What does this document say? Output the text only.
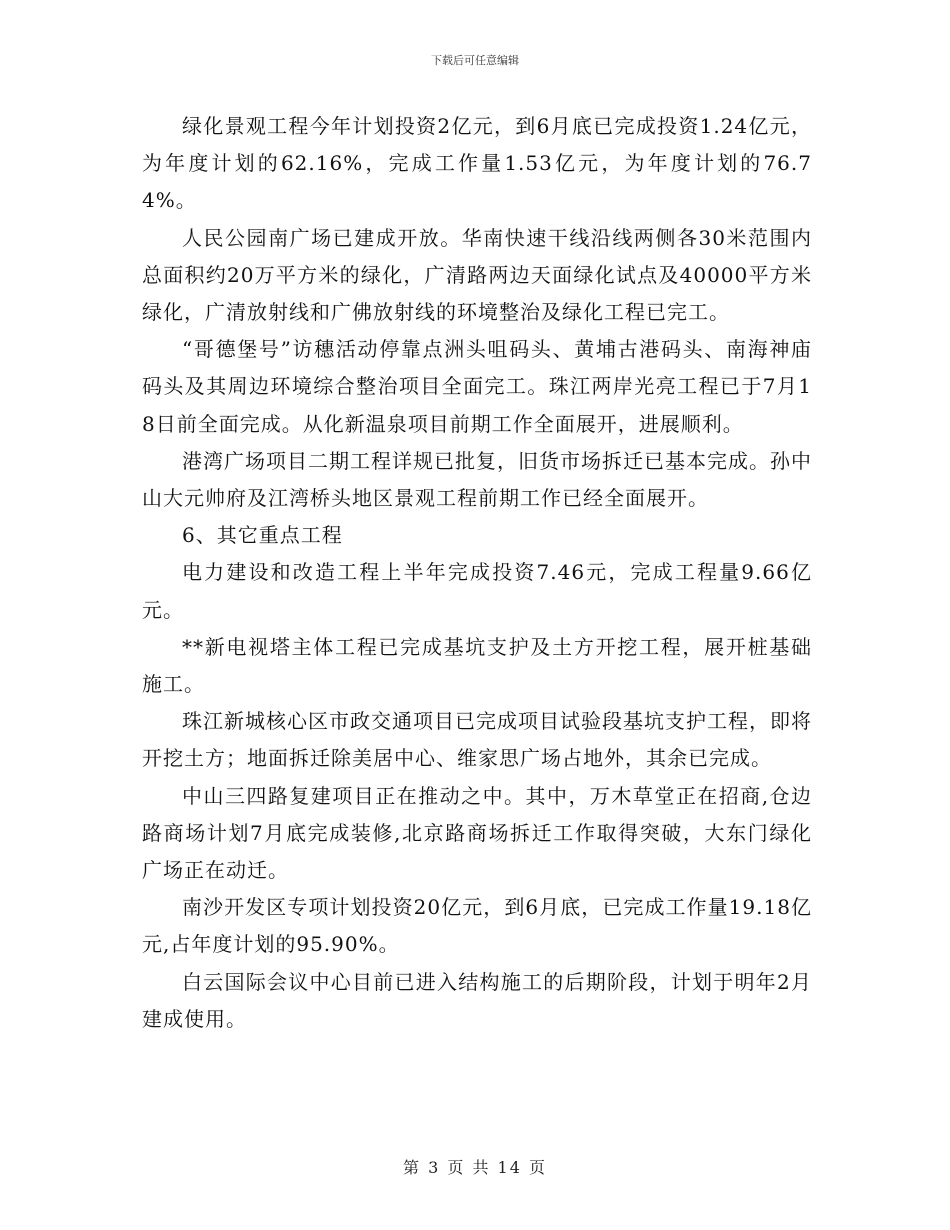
下载后可任意编辑

绿化景观工程今年计划投资2亿元，到6月底已完成投资1.24亿元，为年度计划的62.16%，完成工作量1.53亿元，为年度计划的76.74%。

人民公园南广场已建成开放。华南快速干线沿线两侧各30米范围内总面积约20万平方米的绿化，广清路两边天面绿化试点及40000平方米绿化，广清放射线和广佛放射线的环境整治及绿化工程已完工。

“哥德堡号”访穗活动停靠点洲头咀码头、黄埔古港码头、南海神庙码头及其周边环境综合整治项目全面完工。珠江两岸光亮工程已于7月18日前全面完成。从化新温泉项目前期工作全面展开，进展顺利。

港湾广场项目二期工程详规已批复，旧货市场拆迁已基本完成。孙中山大元帅府及江湾桥头地区景观工程前期工作已经全面展开。

6、其它重点工程

电力建设和改造工程上半年完成投资7.46元，完成工程量9.66亿元。

**新电视塔主体工程已完成基坑支护及土方开挖工程，展开桩基础施工。

珠江新城核心区市政交通项目已完成项目试验段基坑支护工程，即将开挖土方；地面拆迁除美居中心、维家思广场占地外，其余已完成。

中山三四路复建项目正在推动之中。其中，万木草堂正在招商,仓边路商场计划7月底完成装修,北京路商场拆迁工作取得突破，大东门绿化广场正在动迁。

南沙开发区专项计划投资20亿元，到6月底，已完成工作量19.18亿元,占年度计划的95.90%。

白云国际会议中心目前已进入结构施工的后期阶段，计划于明年2月建成使用。

第 3 页 共 14 页
